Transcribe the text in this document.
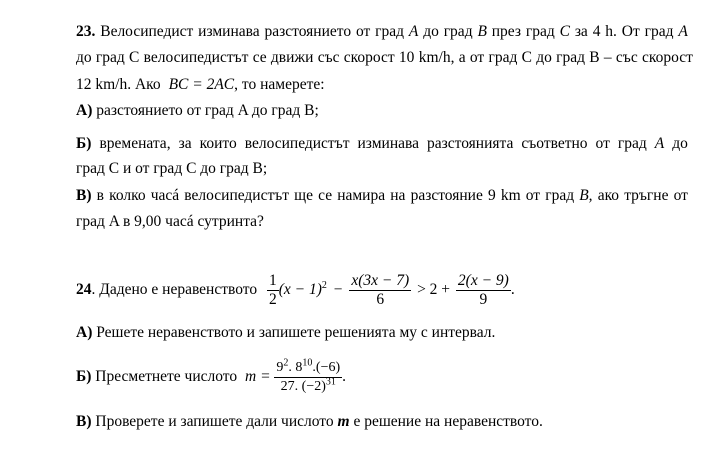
23. Велосипедист изминава разстоянието от град A до град B през град C за 4 h. От град A
до град C велосипедистът се движи със скорост 10 km/h, а от град C до град B – със скорост
12 km/h. Ако BC = 2AC, то намерете:
А) разстоянието от град A до град B;
Б) времената, за които велосипедистът изминава разстоянията съответно от град A до
град C и от град C до град B;
В) в колко часá велосипедистът ще се намира на разстояние 9 km от град B, ако тръгне от
град A в 9,00 часá сутринта?
24. Дадено е неравенството $\frac{1}{2} (x - 1)^2 - \frac{x(3x - 7)}{6} > 2 + \frac{2(x - 9)}{9}$ .
А) Решете неравенството и запишете решенията му с интервал.
Б) Пресметнете числото $m = \frac{9^2. 8^{10}.(-6)}{27. (-2)^{31}}$ .
В) Проверете и запишете дали числото m е решение на неравенството.
